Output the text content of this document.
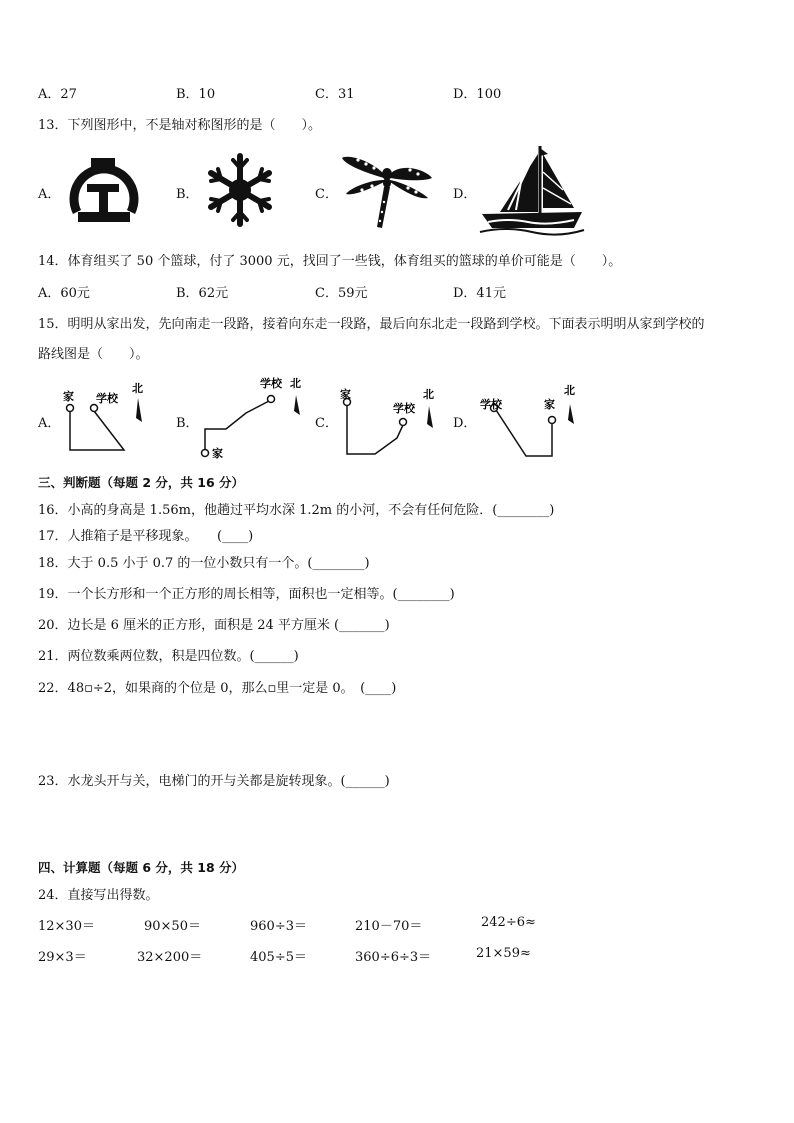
A．27	B．10	C．31	D．100
13．下列图形中，不是轴对称图形的是（　　）。
A．	B．	C．	D．
14．体育组买了 50 个篮球，付了 3000 元，找回了一些钱，体育组买的篮球的单价可能是（　　）。
A．60元	B．62元	C．59元	D．41元
15．明明从家出发，先向南走一段路，接着向东走一段路，最后向东北走一段路到学校。下面表示明明从家到学校的
路线图是（　　）。
A．	B．	C．	D．
家 学校
北
家
学校 北
家
学校
北
学校	家
北
三、判断题（每题 2 分，共 16 分）
16．小高的身高是 1.56m，他趟过平均水深 1.2m 的小河，不会有任何危险．(________)
17．人推箱子是平移现象。　　(____)
18．大于 0.5 小于 0.7 的一位小数只有一个。(________)
19．一个长方形和一个正方形的周长相等，面积也一定相等。(________)
20．边长是 6 厘米的正方形，面积是 24 平方厘米 (_______)
21．两位数乘两位数，积是四位数。(______)
22．48▫÷2，如果商的个位是 0，那么▫里一定是 0。　(____)
23．水龙头开与关，电梯门的开与关都是旋转现象。(______)
四、计算题（每题 6 分，共 18 分）
24．直接写出得数。
12×30＝	90×50＝	960÷3＝	210－70＝	242÷6≈
29×3＝	32×200＝	405÷5＝	360÷6÷3＝	21×59≈
